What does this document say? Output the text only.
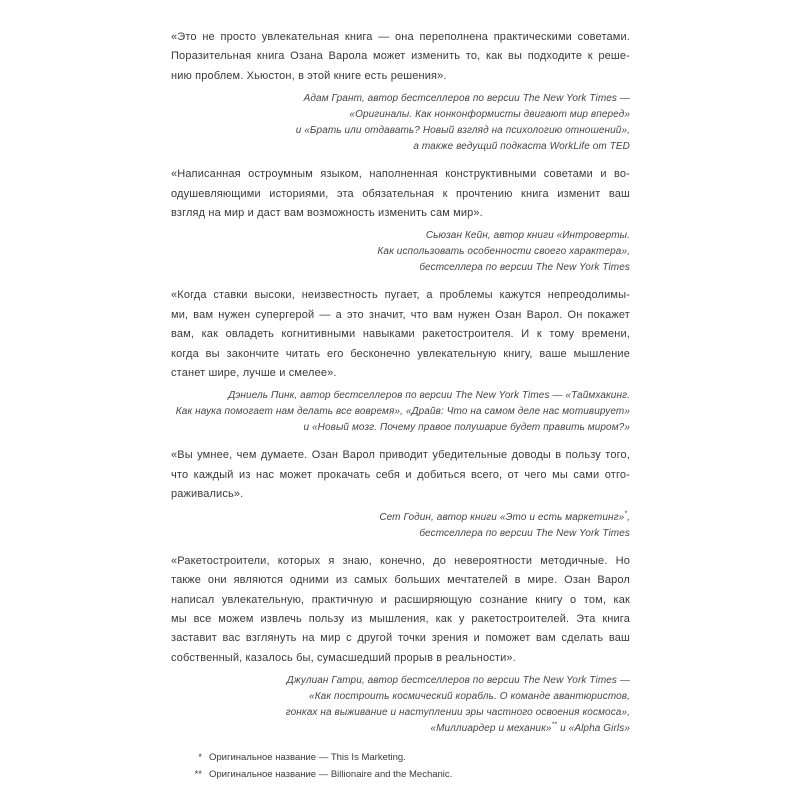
«Это не просто увлекательная книга — она переполнена практическими советами.
Поразительная книга Озана Варола может изменить то, как вы подходите к реше-
нию проблем. Хьюстон, в этой книге есть решения».
Адам Грант, автор бестселлеров по версии The New York Times —
«Оригиналы. Как нонконформисты двигают мир вперед»
и «Брать или отдавать? Новый взгляд на психологию отношений»,
а также ведущий подкаста WorkLife от TED
«Написанная остроумным языком, наполненная конструктивными советами и во-
одушевляющими историями, эта обязательная к прочтению книга изменит ваш
взгляд на мир и даст вам возможность изменить сам мир».
Сьюзан Кейн, автор книги «Интроверты.
Как использовать особенности своего характера»,
бестселлера по версии The New York Times
«Когда ставки высоки, неизвестность пугает, а проблемы кажутся непреодолимы-
ми, вам нужен супергерой — а это значит, что вам нужен Озан Варол. Он покажет
вам, как овладеть когнитивными навыками ракетостроителя. И к тому времени,
когда вы закончите читать его бесконечно увлекательную книгу, ваше мышление
станет шире, лучше и смелее».
Дэниель Пинк, автор бестселлеров по версии The New York Times — «Таймхакинг.
Как наука помогает нам делать все вовремя», «Драйв: Что на самом деле нас мотивирует»
и «Новый мозг. Почему правое полушарие будет править миром?»
«Вы умнее, чем думаете. Озан Варол приводит убедительные доводы в пользу того,
что каждый из нас может прокачать себя и добиться всего, от чего мы сами отго-
раживались».
Сет Годин, автор книги «Это и есть маркетинг»*,
бестселлера по версии The New York Times
«Ракетостроители, которых я знаю, конечно, до невероятности методичные. Но
также они являются одними из самых больших мечтателей в мире. Озан Варол
написал увлекательную, практичную и расширяющую сознание книгу о том, как
мы все можем извлечь пользу из мышления, как у ракетостроителей. Эта книга
заставит вас взглянуть на мир с другой точки зрения и поможет вам сделать ваш
собственный, казалось бы, сумасшедший прорыв в реальности».
Джулиан Гатри, автор бестселлеров по версии The New York Times —
«Как построить космический корабль. О команде авантюристов,
гонках на выживание и наступлении эры частного освоения космоса»,
«Миллиардер и механик»** и «Alpha Girls»
* Оригинальное название — This Is Marketing.
** Оригинальное название — Billionaire and the Mechanic.
